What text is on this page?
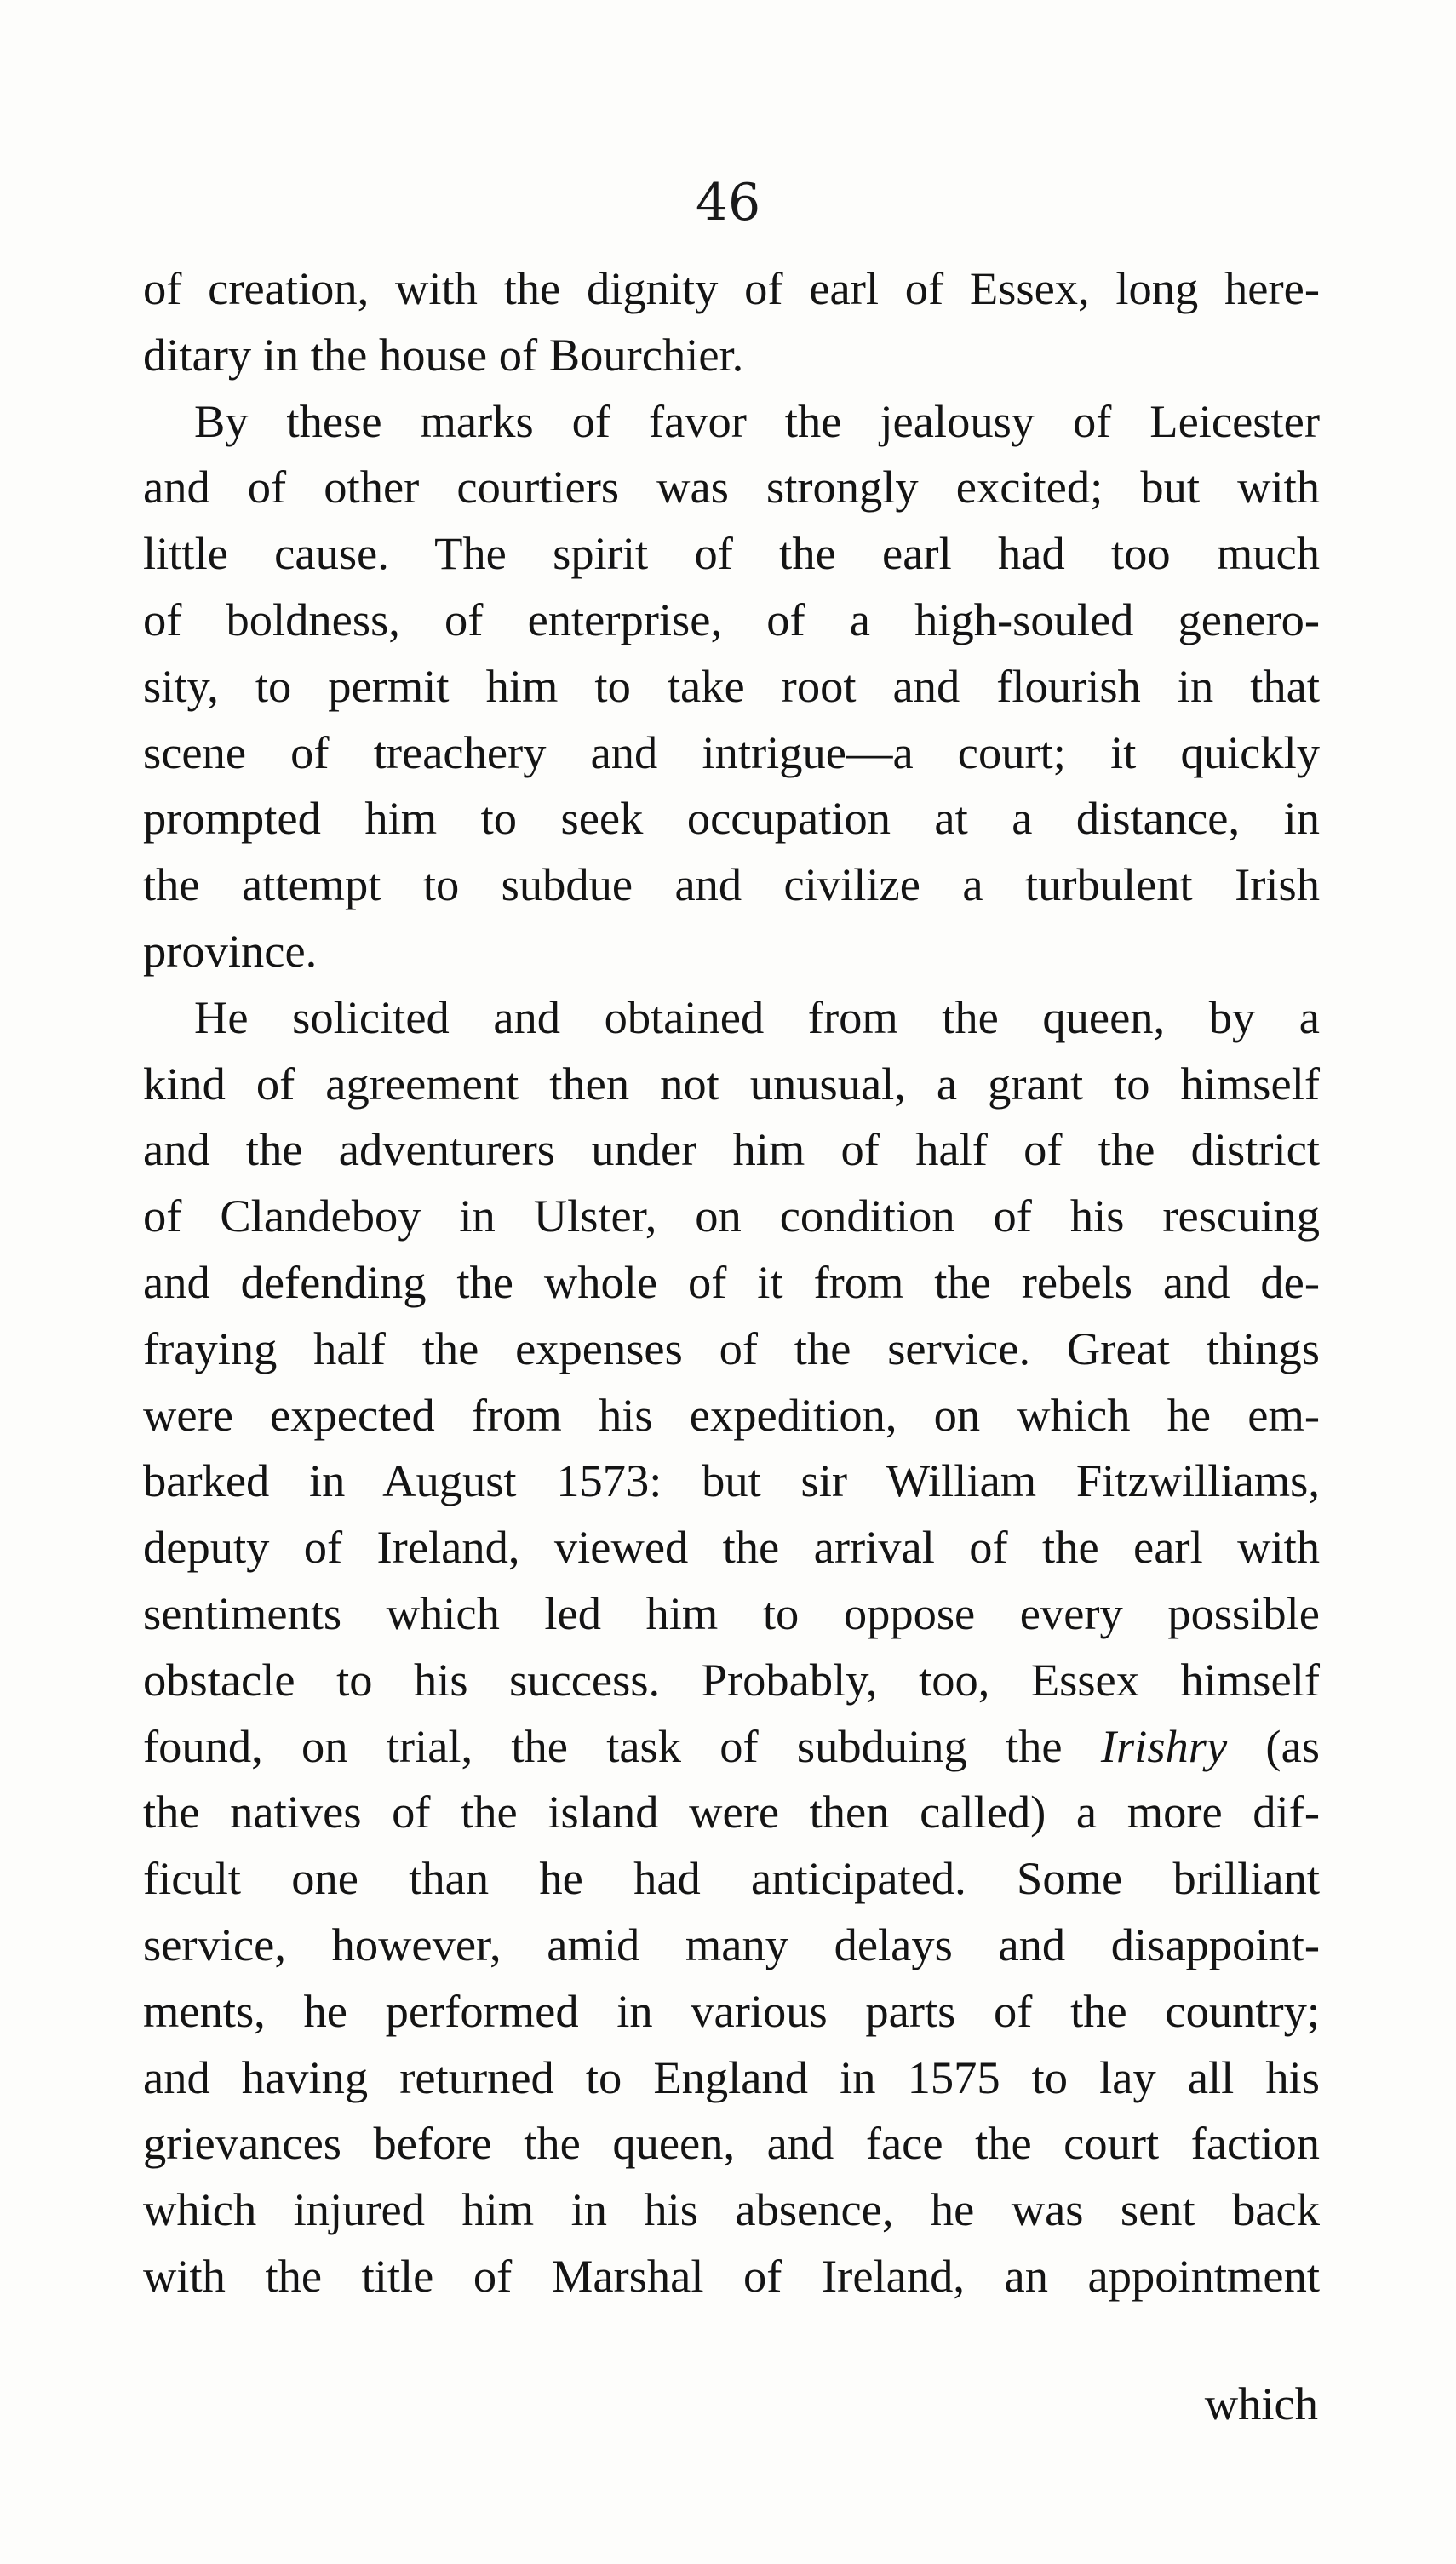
46
of creation, with the dignity of earl of Essex, long here-
ditary in the house of Bourchier.
By these marks of favor the jealousy of Leicester
and of other courtiers was strongly excited; but with
little cause. The spirit of the earl had too much
of boldness, of enterprise, of a high-souled genero-
sity, to permit him to take root and flourish in that
scene of treachery and intrigue—a court; it quickly
prompted him to seek occupation at a distance, in
the attempt to subdue and civilize a turbulent Irish
province.
He solicited and obtained from the queen, by a
kind of agreement then not unusual, a grant to himself
and the adventurers under him of half of the district
of Clandeboy in Ulster, on condition of his rescuing
and defending the whole of it from the rebels and de-
fraying half the expenses of the service. Great things
were expected from his expedition, on which he em-
barked in August 1573: but sir William Fitzwilliams,
deputy of Ireland, viewed the arrival of the earl with
sentiments which led him to oppose every possible
obstacle to his success. Probably, too, Essex himself
found, on trial, the task of subduing the Irishry (as
the natives of the island were then called) a more dif-
ficult one than he had anticipated. Some brilliant
service, however, amid many delays and disappoint-
ments, he performed in various parts of the country;
and having returned to England in 1575 to lay all his
grievances before the queen, and face the court faction
which injured him in his absence, he was sent back
with the title of Marshal of Ireland, an appointment
which
